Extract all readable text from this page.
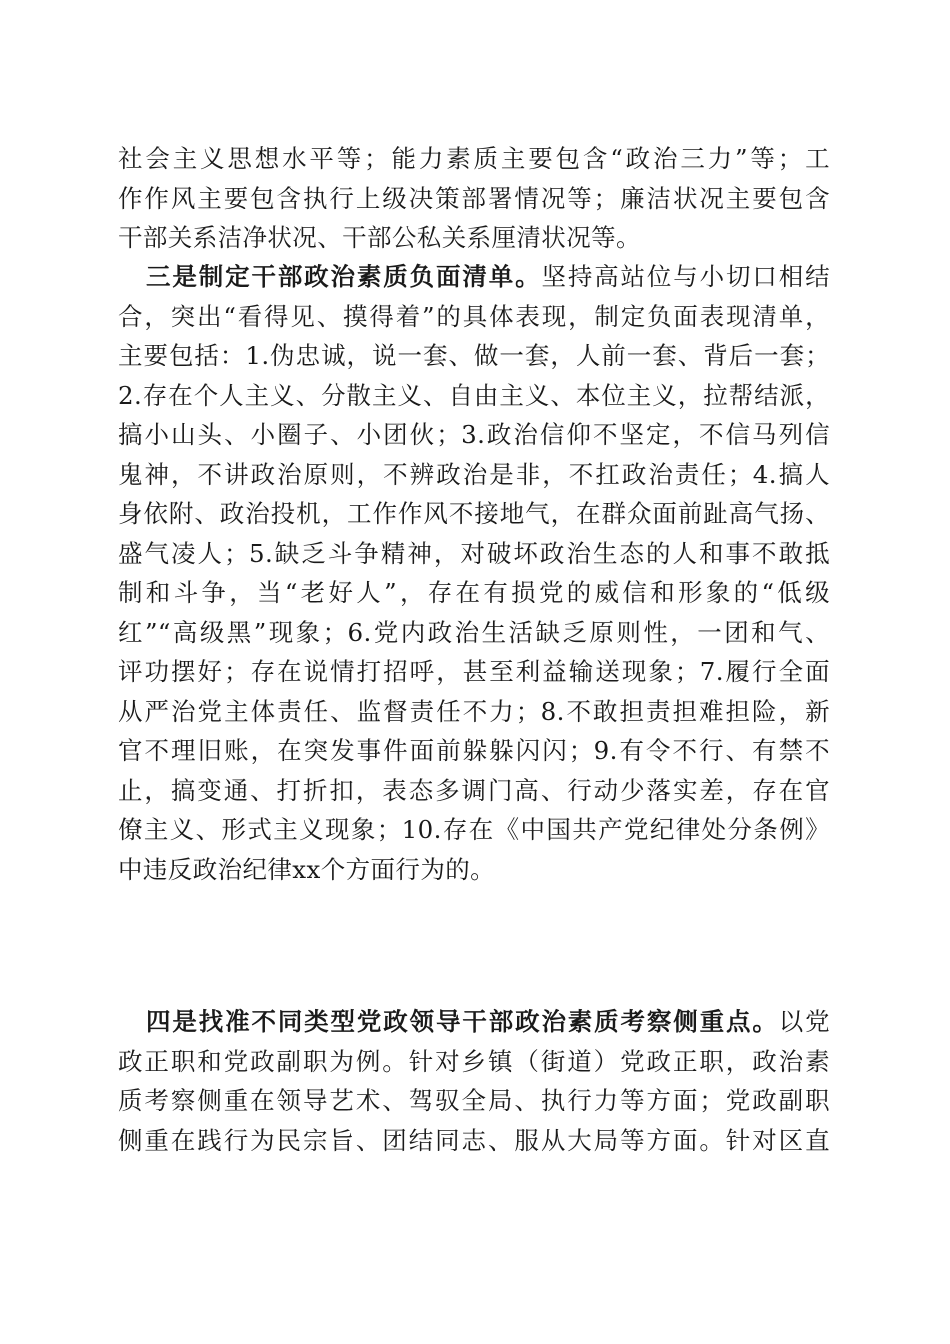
社会主义思想水平等；能力素质主要包含“政治三力”等；工
作作风主要包含执行上级决策部署情况等；廉洁状况主要包含
干部关系洁净状况、干部公私关系厘清状况等。
三是制定干部政治素质负面清单。坚持高站位与小切口相结
合，突出“看得见、摸得着”的具体表现，制定负面表现清单，
主要包括：1.伪忠诚，说一套、做一套，人前一套、背后一套；
2.存在个人主义、分散主义、自由主义、本位主义，拉帮结派，
搞小山头、小圈子、小团伙；3.政治信仰不坚定，不信马列信
鬼神，不讲政治原则，不辨政治是非，不扛政治责任；4.搞人
身依附、政治投机，工作作风不接地气，在群众面前趾高气扬、
盛气凌人；5.缺乏斗争精神，对破坏政治生态的人和事不敢抵
制和斗争，当“老好人”，存在有损党的威信和形象的“低级
红”“高级黑”现象；6.党内政治生活缺乏原则性，一团和气、
评功摆好；存在说情打招呼，甚至利益输送现象；7.履行全面
从严治党主体责任、监督责任不力；8.不敢担责担难担险，新
官不理旧账，在突发事件面前躲躲闪闪；9.有令不行、有禁不
止，搞变通、打折扣，表态多调门高、行动少落实差，存在官
僚主义、形式主义现象；10.存在《中国共产党纪律处分条例》
中违反政治纪律xx个方面行为的。
四是找准不同类型党政领导干部政治素质考察侧重点。以党
政正职和党政副职为例。针对乡镇（街道）党政正职，政治素
质考察侧重在领导艺术、驾驭全局、执行力等方面；党政副职
侧重在践行为民宗旨、团结同志、服从大局等方面。针对区直
